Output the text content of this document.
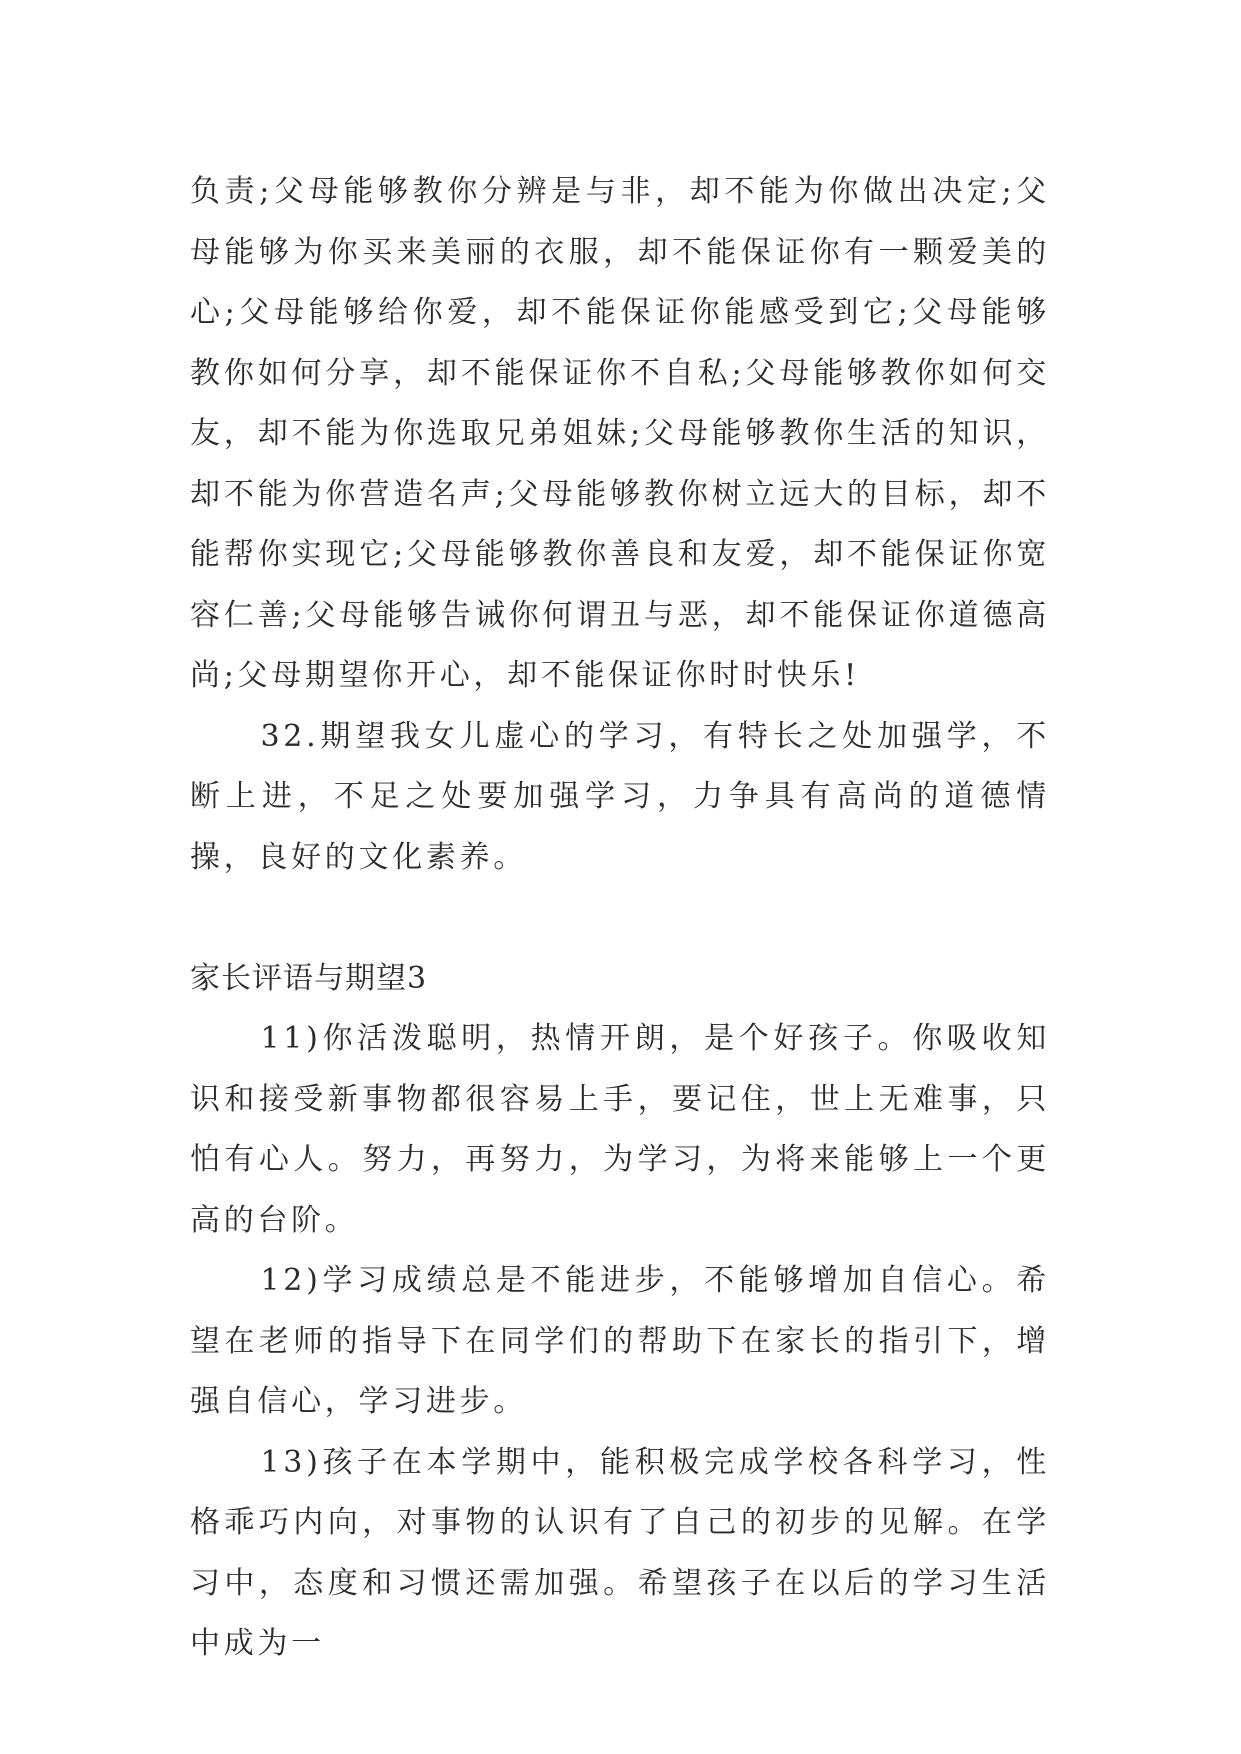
负责;父母能够教你分辨是与非，却不能为你做出决定;父母能够为你买来美丽的衣服，却不能保证你有一颗爱美的心;父母能够给你爱，却不能保证你能感受到它;父母能够教你如何分享，却不能保证你不自私;父母能够教你如何交友，却不能为你选取兄弟姐妹;父母能够教你生活的知识，却不能为你营造名声;父母能够教你树立远大的目标，却不能帮你实现它;父母能够教你善良和友爱，却不能保证你宽容仁善;父母能够告诫你何谓丑与恶，却不能保证你道德高尚;父母期望你开心，却不能保证你时时快乐!

32.期望我女儿虚心的学习，有特长之处加强学，不断上进，不足之处要加强学习，力争具有高尚的道德情操，良好的文化素养。

家长评语与期望3

11)你活泼聪明，热情开朗，是个好孩子。你吸收知识和接受新事物都很容易上手，要记住，世上无难事，只怕有心人。努力，再努力，为学习，为将来能够上一个更高的台阶。

12)学习成绩总是不能进步，不能够增加自信心。希望在老师的指导下在同学们的帮助下在家长的指引下，增强自信心，学习进步。

13)孩子在本学期中，能积极完成学校各科学习，性格乖巧内向，对事物的认识有了自己的初步的见解。在学习中，态度和习惯还需加强。希望孩子在以后的学习生活中成为一
